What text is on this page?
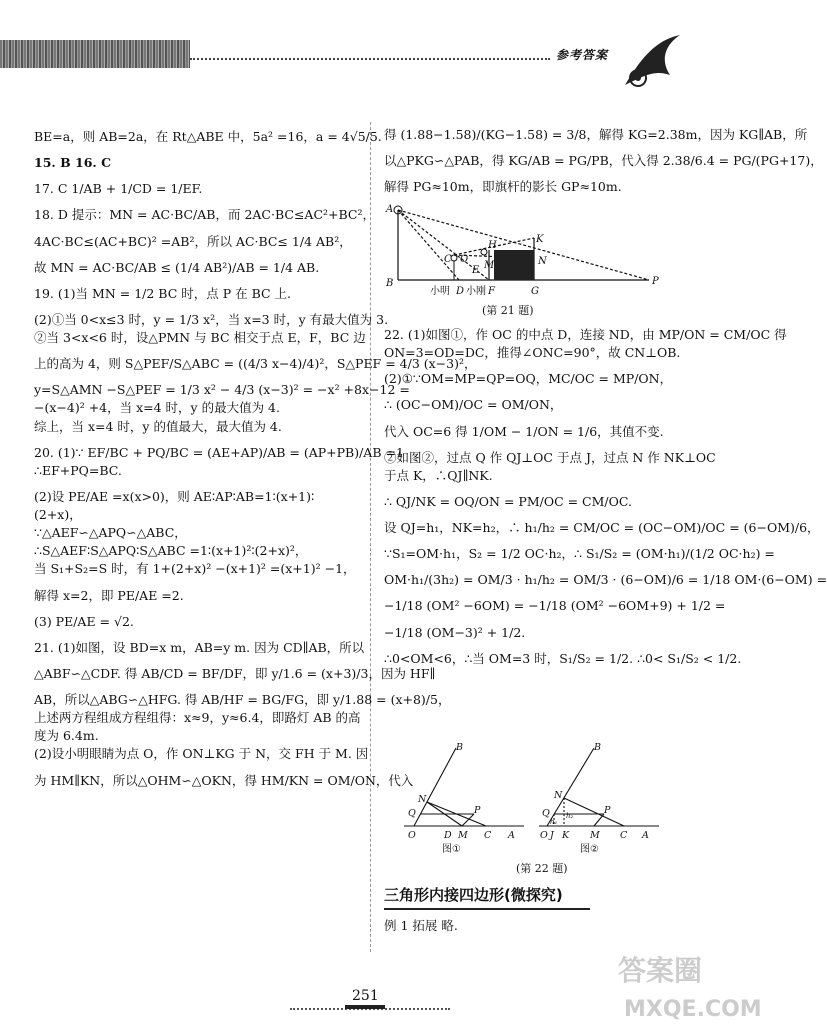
参考答案
BE=a，则 AB=2a，在 Rt△ABE 中，5a² =16，a = 4√5/5.
15. B 16. C
17. C 1/AB + 1/CD = 1/EF.
18. D 提示：MN = AC·BC/AB，而 2AC·BC≤AC²+BC²，
4AC·BC≤(AC+BC)² =AB²，所以 AC·BC≤ 1/4 AB²，
故 MN = AC·BC/AB ≤ (1/4 AB²)/AB = 1/4 AB.
19. (1)当 MN = 1/2 BC 时，点 P 在 BC 上.
(2)①当 0<x≤3 时，y = 1/3 x²，当 x=3 时，y 有最大值为 3.
②当 3<x<6 时，设△PMN 与 BC 相交于点 E，F，BC 边
上的高为 4，则 S△PEF/S△ABC = ((4/3 x−4)/4)²，S△PEF = 4/3 (x−3)²，
y=S△AMN −S△PEF = 1/3 x² − 4/3 (x−3)² = −x² +8x−12 =
−(x−4)² +4，当 x=4 时，y 的最大值为 4.
综上，当 x=4 时，y 的值最大，最大值为 4.
20. (1)∵ EF/BC + PQ/BC = (AE+AP)/AB = (AP+PB)/AB =1
∴EF+PQ=BC.
(2)设 PE/AE =x(x>0)，则 AE∶AP∶AB=1∶(x+1)∶
(2+x)，
∵△AEF∽△APQ∽△ABC，
∴S△AEF∶S△APQ∶S△ABC =1∶(x+1)²∶(2+x)²，
当 S₁+S₂=S 时，有 1+(2+x)² −(x+1)² =(x+1)² −1，
解得 x=2，即 PE/AE =2.
(3) PE/AE = √2.
21. (1)如图，设 BD=x m，AB=y m. 因为 CD∥AB，所以
△ABF∽△CDF. 得 AB/CD = BF/DF，即 y/1.6 = (x+3)/3，因为 HF∥
AB，所以△ABG∽△HFG. 得 AB/HF = BG/FG，即 y/1.88 = (x+8)/5，
上述两方程组成方程组得：x≈9，y≈6.4，即路灯 AB 的高
度为 6.4m.
(2)设小明眼睛为点 O，作 ON⊥KG 于 N，交 FH 于 M. 因
为 HM∥KN，所以△OHM∽△OKN，得 HM/KN = OM/ON，代入
得 (1.88−1.58)/(KG−1.58) = 3/8，解得 KG=2.38m，因为 KG∥AB，所
以△PKG∽△PAB，得 KG/AB = PG/PB，代入得 2.38/6.4 = PG/(PG+17)，
解得 PG≈10m，即旗杆的影长 GP≈10m.
A
B
C O
E
H
M
K
N
G
P
D F
小明 小刚
(第 21 题)
22. (1)如图①，作 OC 的中点 D，连接 ND，由 MP/ON = CM/OC 得
ON=3=OD=DC，推得∠ONC=90°，故 CN⊥OB.
(2)①∵OM=MP=QP=OQ，MC/OC = MP/ON，
∴ (OC−OM)/OC = OM/ON，
代入 OC=6 得 1/OM − 1/ON = 1/6，其值不变.
②如图②，过点 Q 作 QJ⊥OC 于点 J，过点 N 作 NK⊥OC
于点 K，∴QJ∥NK.
∴ QJ/NK = OQ/ON = PM/OC = CM/OC.
设 QJ=h₁，NK=h₂，∴ h₁/h₂ = CM/OC = (OC−OM)/OC = (6−OM)/6，
∵S₁=OM·h₁，S₂ = 1/2 OC·h₂，∴ S₁/S₂ = (OM·h₁)/(1/2 OC·h₂) =
OM·h₁/(3h₂) = OM/3 · h₁/h₂ = OM/3 · (6−OM)/6 = 1/18 OM·(6−OM) =
−1/18 (OM² −6OM) = −1/18 (OM² −6OM+9) + 1/2 =
−1/18 (OM−3)² + 1/2.
∴0<OM<6，∴当 OM=3 时，S₁/S₂ = 1/2. ∴0< S₁/S₂ < 1/2.
B
N
Q	P
O	D M C A
B
N
Q	P
O J K M C A
h₁
h₂
图①	图②
(第 22 题)
三角形内接四边形(微探究)
例 1 拓展 略.
251
答案圈
MXQE.COM
